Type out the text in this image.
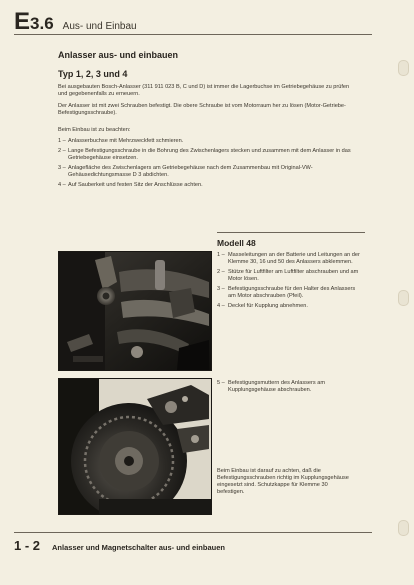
E 3.6 Aus- und Einbau
Anlasser aus- und einbauen
Typ 1, 2, 3 und 4
Bei ausgebauten Bosch-Anlasser (311 911 023 B, C und D) ist immer die Lagerbuchse im Getriebegehäuse zu prüfen und gegebenenfalls zu erneuern.
Der Anlasser ist mit zwei Schrauben befestigt. Die obere Schraube ist vom Motorraum her zu lösen (Motor-Getriebe-Befestigungsschraube).
Beim Einbau ist zu beachten:
1 – Anlasserbuchse mit Mehrzweckfett schmieren.
2 – Lange Befestigungsschraube in die Bohrung des Zwischenlagers stecken und zusammen mit dem Anlasser in das Getriebegehäuse einsetzen.
3 – Anlagefläche des Zwischenlagers am Getriebegehäuse nach dem Zusammenbau mit Original-VW-Gehäusedichtungsmasse D 3 abdichten.
4 – Auf Sauberkeit und festen Sitz der Anschlüsse achten.
Modell 48
1 – Masseleitungen an der Batterie und Leitungen an der Klemme 30, 16 und 50 des Anlassers abklemmen.
2 – Stütze für Luftfilter am Luftfilter abschrauben und am Motor lösen.
3 – Befestigungsschraube für den Halter des Anlassers am Motor abschrauben (Pfeil).
4 – Deckel für Kupplung abnehmen.
5 – Befestigungsmuttern des Anlassers am Kupplungsgehäuse abschrauben.
Beim Einbau ist darauf zu achten, daß die Befestigungsschrauben richtig im Kupplungsgehäuse eingesetzt sind. Schutzkappe für Klemme 30 befestigen.
1 - 2 Anlasser und Magnetschalter aus- und einbauen
